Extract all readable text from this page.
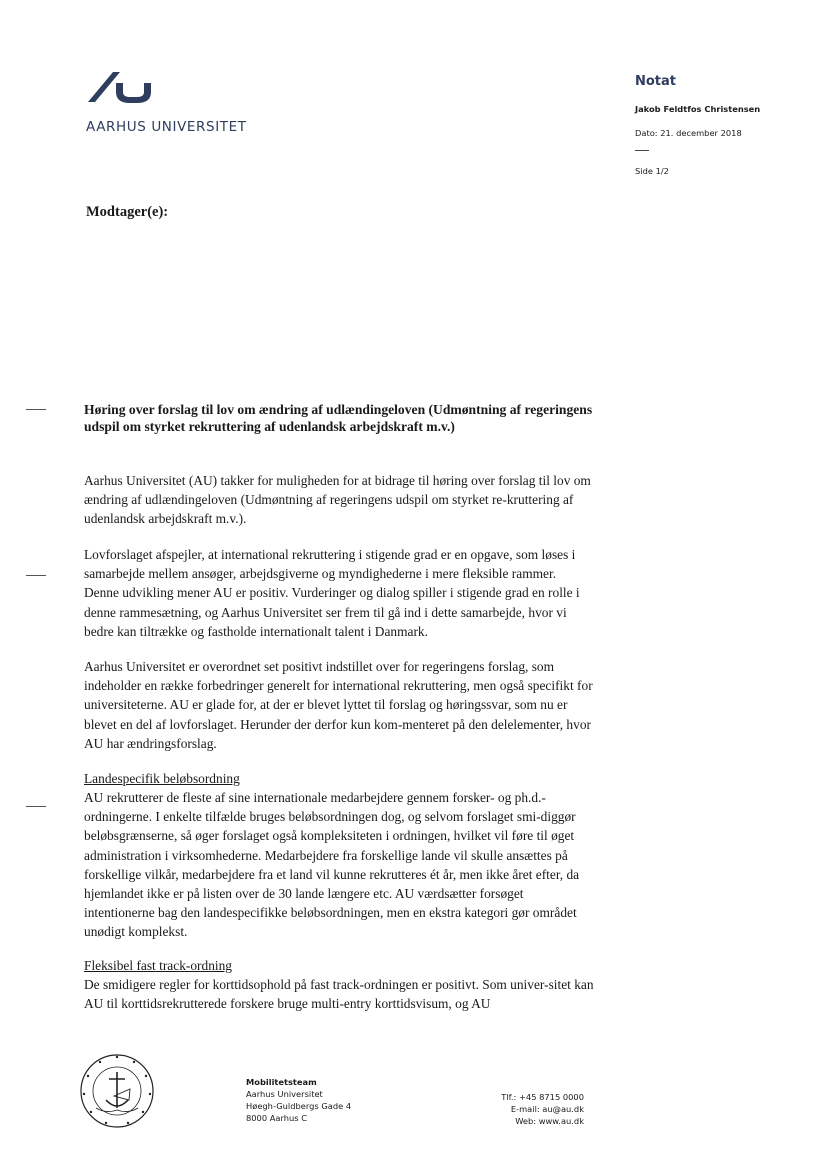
AARHUS UNIVERSITET
Notat
Jakob Feldtfos Christensen
Dato: 21. december 2018
Side 1/2
Modtager(e):
Høring over forslag til lov om ændring af udlændingeloven (Udmøntning af regeringens udspil om styrket rekruttering af udenlandsk arbejdskraft m.v.)
Aarhus Universitet (AU) takker for muligheden for at bidrage til høring over forslag til lov om ændring af udlændingeloven (Udmøntning af regeringens udspil om styrket re-kruttering af udenlandsk arbejdskraft m.v.).
Lovforslaget afspejler, at international rekruttering i stigende grad er en opgave, som løses i samarbejde mellem ansøger, arbejdsgiverne og myndighederne i mere fleksible rammer. Denne udvikling mener AU er positiv. Vurderinger og dialog spiller i stigende grad en rolle i denne rammesætning, og Aarhus Universitet ser frem til gå ind i dette samarbejde, hvor vi bedre kan tiltrække og fastholde internationalt talent i Danmark.
Aarhus Universitet er overordnet set positivt indstillet over for regeringens forslag, som indeholder en række forbedringer generelt for international rekruttering, men også specifikt for universiteterne. AU er glade for, at der er blevet lyttet til forslag og høringssvar, som nu er blevet en del af lovforslaget. Herunder der derfor kun kom-menteret på den delelementer, hvor AU har ændringsforslag.
Landespecifik beløbsordning
AU rekrutterer de fleste af sine internationale medarbejdere gennem forsker- og ph.d.-ordningerne. I enkelte tilfælde bruges beløbsordningen dog, og selvom forslaget smi-diggør beløbsgrænserne, så øger forslaget også kompleksiteten i ordningen, hvilket vil føre til øget administration i virksomhederne. Medarbejdere fra forskellige lande vil skulle ansættes på forskellige vilkår, medarbejdere fra et land vil kunne rekrutteres ét år, men ikke året efter, da hjemlandet ikke er på listen over de 30 lande længere etc. AU værdsætter forsøget intentionerne bag den landespecifikke beløbsordningen, men en ekstra kategori gør området unødigt komplekst.
Fleksibel fast track-ordning
De smidigere regler for korttidsophold på fast track-ordningen er positivt. Som univer-sitet kan AU til korttidsrekrutterede forskere bruge multi-entry korttidsvisum, og AU
Mobilitetsteam
Aarhus Universitet
Høegh-Guldbergs Gade 4
8000 Aarhus C
Tlf.: +45 8715 0000
E-mail: au@au.dk
Web: www.au.dk
